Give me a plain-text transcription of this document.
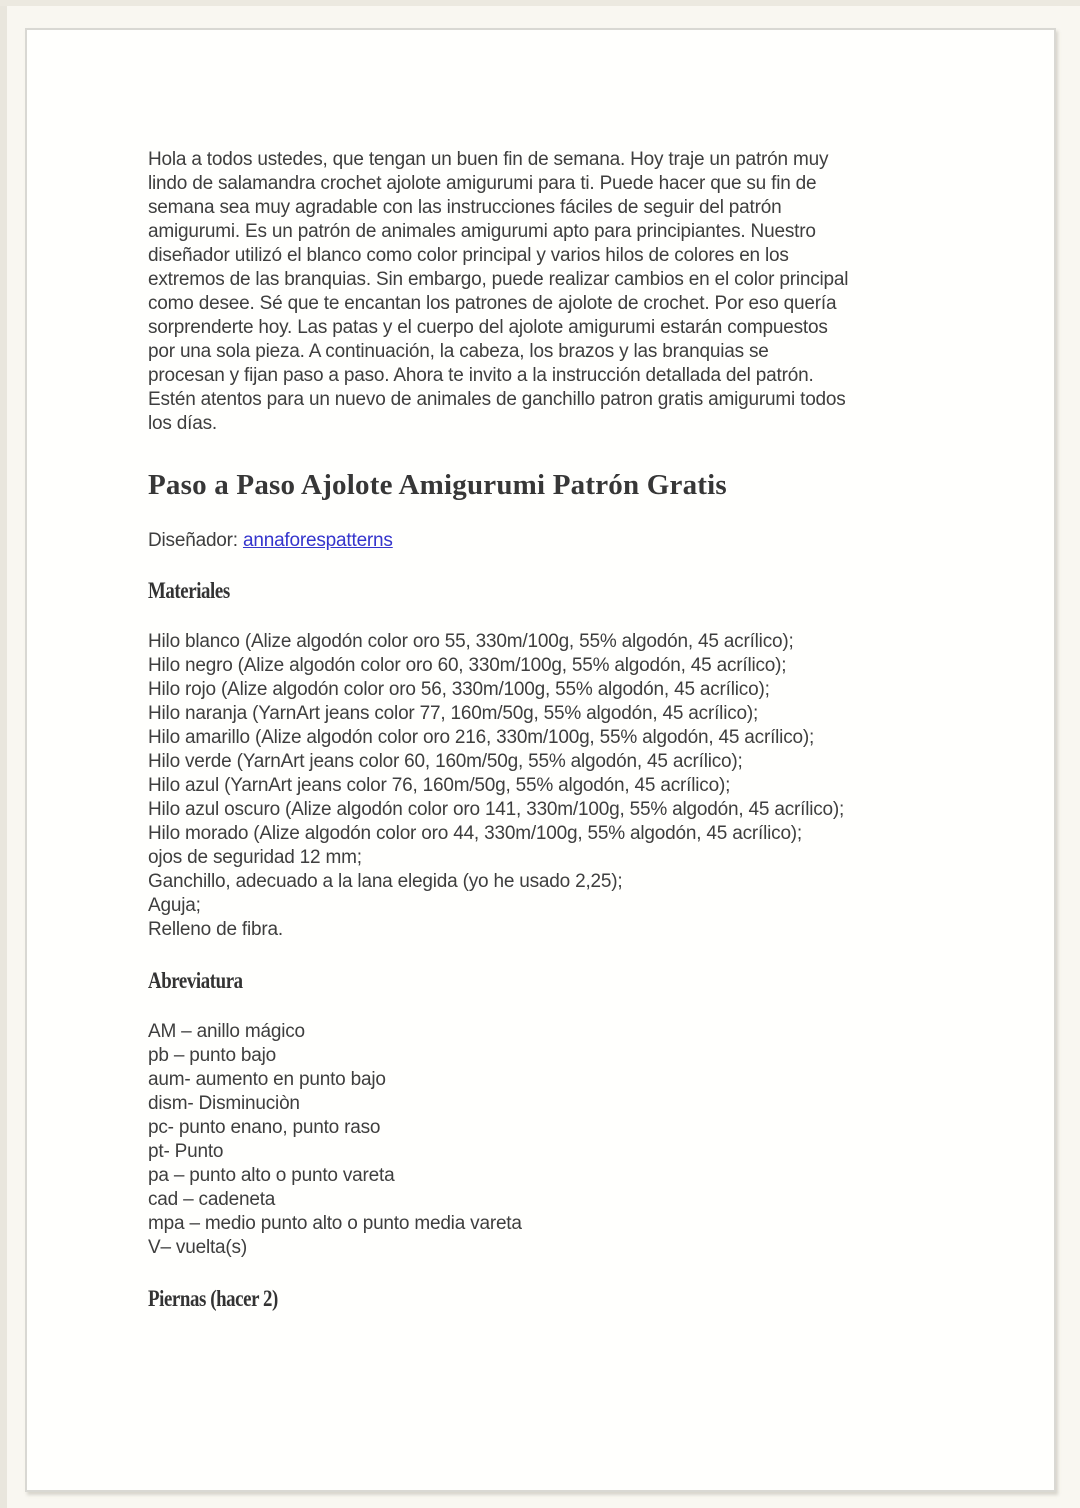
Hola a todos ustedes, que tengan un buen fin de semana. Hoy traje un patrón muy
lindo de salamandra crochet ajolote amigurumi para ti. Puede hacer que su fin de
semana sea muy agradable con las instrucciones fáciles de seguir del patrón
amigurumi. Es un patrón de animales amigurumi apto para principiantes. Nuestro
diseñador utilizó el blanco como color principal y varios hilos de colores en los
extremos de las branquias. Sin embargo, puede realizar cambios en el color principal
como desee. Sé que te encantan los patrones de ajolote de crochet. Por eso quería
sorprenderte hoy. Las patas y el cuerpo del ajolote amigurumi estarán compuestos
por una sola pieza. A continuación, la cabeza, los brazos y las branquias se
procesan y fijan paso a paso. Ahora te invito a la instrucción detallada del patrón.
Estén atentos para un nuevo de animales de ganchillo patron gratis amigurumi todos
los días.
Paso a Paso Ajolote Amigurumi Patrón Gratis
Diseñador: annaforespatterns
Materiales
Hilo blanco (Alize algodón color oro 55, 330m/100g, 55% algodón, 45 acrílico);
Hilo negro (Alize algodón color oro 60, 330m/100g, 55% algodón, 45 acrílico);
Hilo rojo (Alize algodón color oro 56, 330m/100g, 55% algodón, 45 acrílico);
Hilo naranja (YarnArt jeans color 77, 160m/50g, 55% algodón, 45 acrílico);
Hilo amarillo (Alize algodón color oro 216, 330m/100g, 55% algodón, 45 acrílico);
Hilo verde (YarnArt jeans color 60, 160m/50g, 55% algodón, 45 acrílico);
Hilo azul (YarnArt jeans color 76, 160m/50g, 55% algodón, 45 acrílico);
Hilo azul oscuro (Alize algodón color oro 141, 330m/100g, 55% algodón, 45 acrílico);
Hilo morado (Alize algodón color oro 44, 330m/100g, 55% algodón, 45 acrílico);
ojos de seguridad 12 mm;
Ganchillo, adecuado a la lana elegida (yo he usado 2,25);
Aguja;
Relleno de fibra.
Abreviatura
AM – anillo mágico
pb – punto bajo
aum- aumento en punto bajo
dism- Disminuciòn
pc- punto enano, punto raso
pt- Punto
pa – punto alto o punto vareta
cad – cadeneta
mpa – medio punto alto o punto media vareta
V– vuelta(s)
Piernas (hacer 2)
